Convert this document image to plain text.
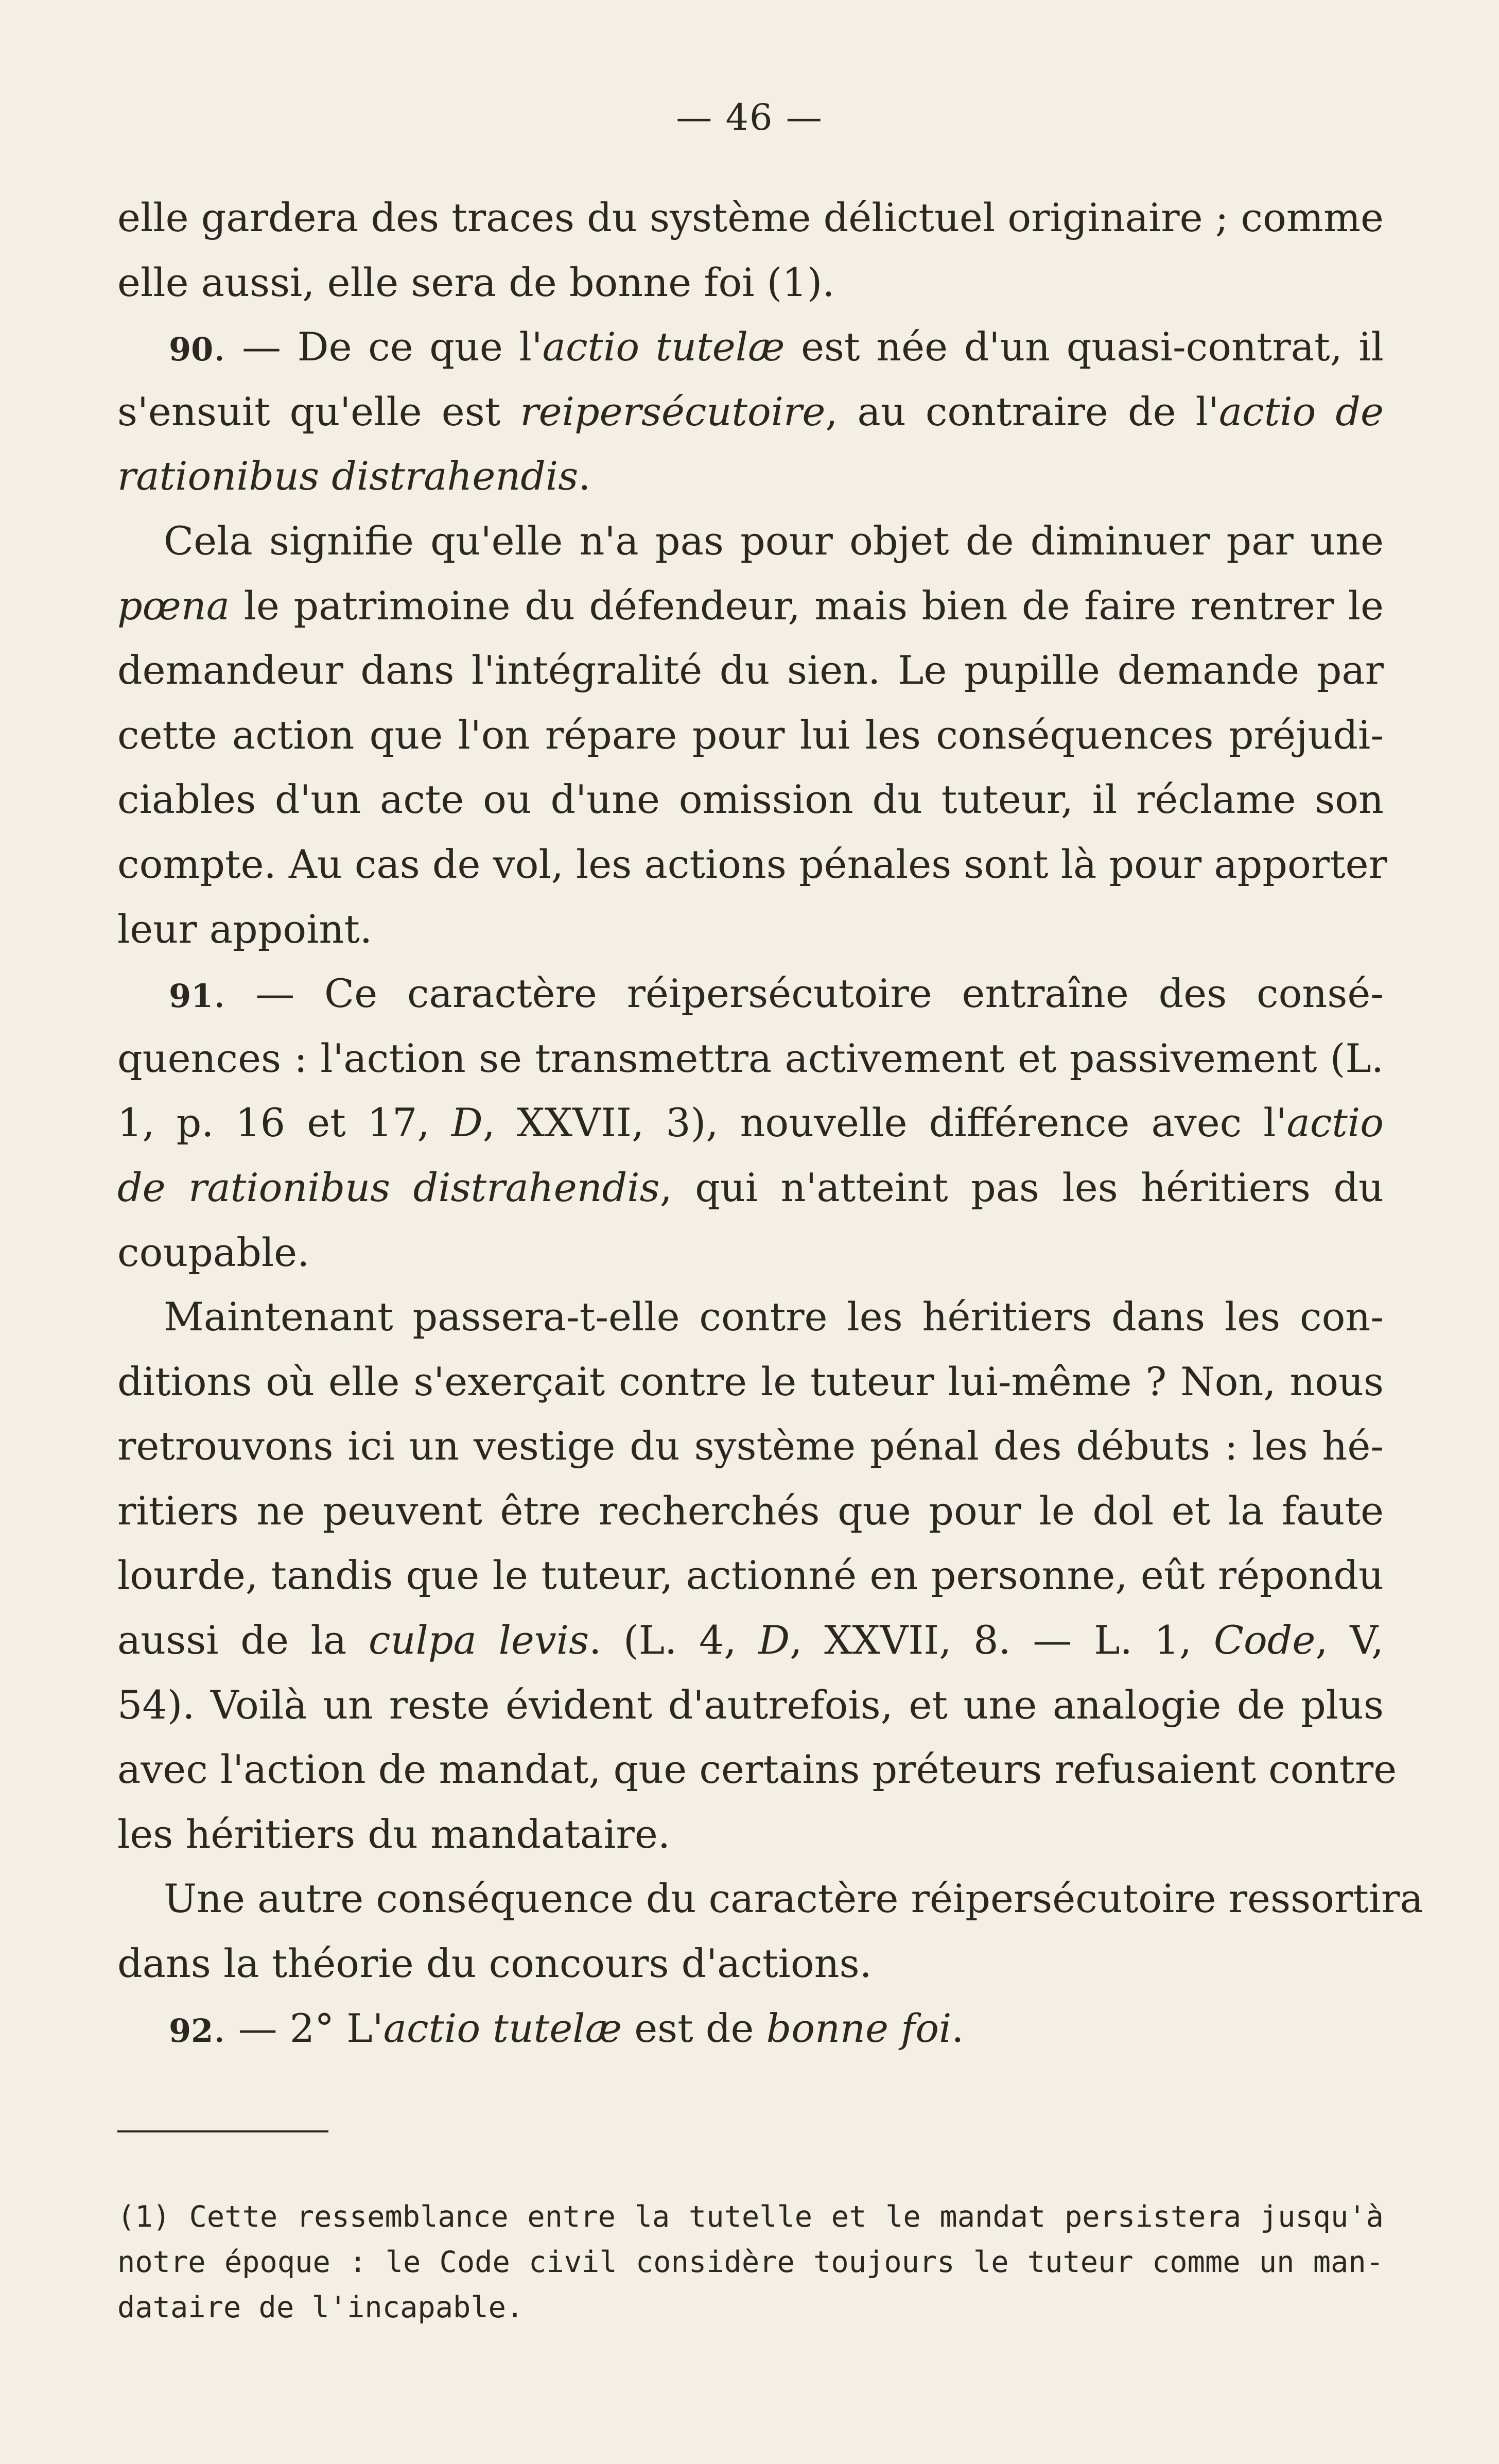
— 46 —
elle gardera des traces du système délictuel originaire ; comme
elle aussi, elle sera de bonne foi (1).
90. — De ce que l'actio tutelæ est née d'un quasi-contrat, il
s'ensuit qu'elle est reipersécutoire, au contraire de l'actio de
rationibus distrahendis.
Cela signifie qu'elle n'a pas pour objet de diminuer par une
pœna le patrimoine du défendeur, mais bien de faire rentrer le
demandeur dans l'intégralité du sien. Le pupille demande par
cette action que l'on répare pour lui les conséquences préjudi-
ciables d'un acte ou d'une omission du tuteur, il réclame son
compte. Au cas de vol, les actions pénales sont là pour apporter
leur appoint.
91. — Ce caractère réipersécutoire entraîne des consé-
quences : l'action se transmettra activement et passivement (L.
1, p. 16 et 17, D, XXVII, 3), nouvelle différence avec l'actio
de rationibus distrahendis, qui n'atteint pas les héritiers du
coupable.
Maintenant passera-t-elle contre les héritiers dans les con-
ditions où elle s'exerçait contre le tuteur lui-même ? Non, nous
retrouvons ici un vestige du système pénal des débuts : les hé-
ritiers ne peuvent être recherchés que pour le dol et la faute
lourde, tandis que le tuteur, actionné en personne, eût répondu
aussi de la culpa levis. (L. 4, D, XXVII, 8. — L. 1, Code, V,
54). Voilà un reste évident d'autrefois, et une analogie de plus
avec l'action de mandat, que certains préteurs refusaient contre
les héritiers du mandataire.
Une autre conséquence du caractère réipersécutoire ressortira
dans la théorie du concours d'actions.
92. — 2° L'actio tutelæ est de bonne foi.
(1) Cette ressemblance entre la tutelle et le mandat persistera jusqu'à
notre époque : le Code civil considère toujours le tuteur comme un man-
dataire de l'incapable.
